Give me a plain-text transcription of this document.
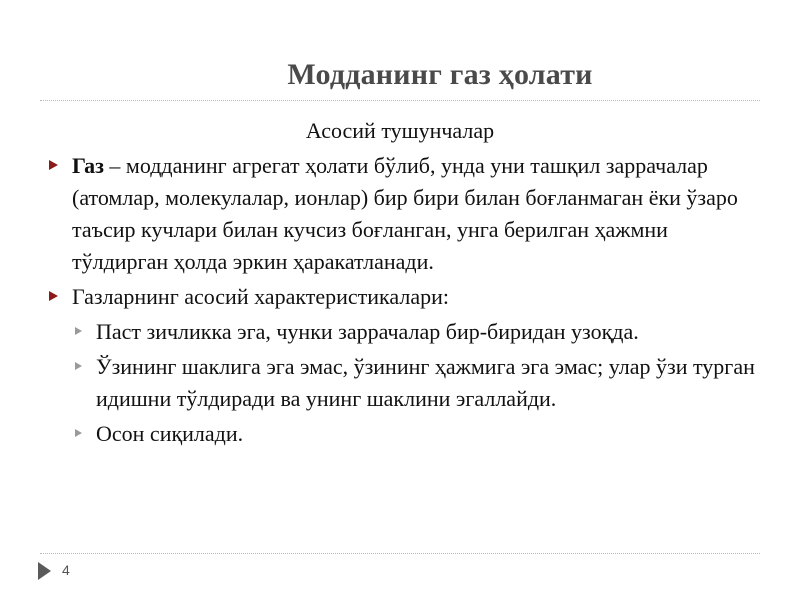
Модданинг газ ҳолати
Асосий тушунчалар

Газ – модданинг агрегат ҳолати бўлиб, унда уни ташқил заррачалар (атомлар, молекулалар, ионлар) бир бири билан боғланмаган ёки ўзаро таъсир кучлари билан кучсиз боғланган, унга берилган ҳажмни тўлдирган ҳолда эркин ҳаракатланади.

Газларнинг асосий характеристикалари:

Паст зичликка эга, чунки заррачалар бир-биридан узоқда.

Ўзининг шаклига эга эмас, ўзининг ҳажмига эга эмас; улар ўзи турган идишни тўлдиради ва унинг шаклини эгаллайди.

Осон сиқилади.

4
